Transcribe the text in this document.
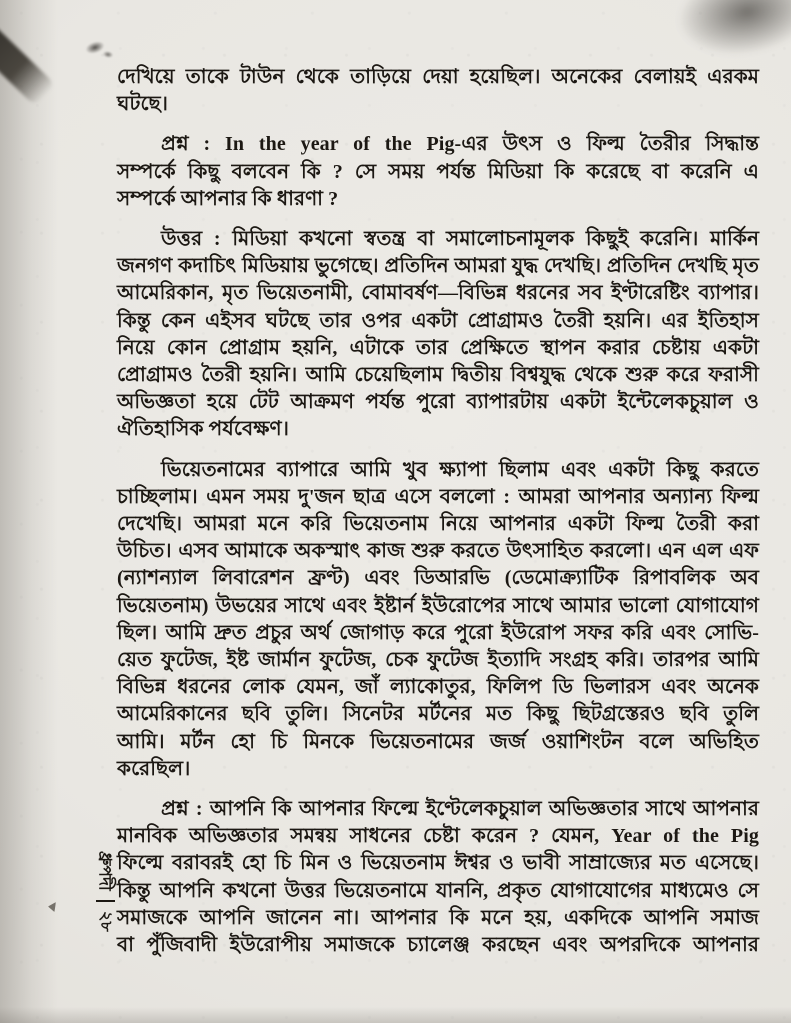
দেখিয়ে তাকে টাউন থেকে তাড়িয়ে দেয়া হয়েছিল। অনেকের বেলায়ই এরকম
ঘটছে।
প্রশ্ন : In the year of the Pig-এর উৎস ও ফিল্ম তৈরীর সিদ্ধান্ত
সম্পর্কে কিছু বলবেন কি ? সে সময় পর্যন্ত মিডিয়া কি করেছে বা করেনি এ
সম্পর্কে আপনার কি ধারণা ?
উত্তর : মিডিয়া কখনো স্বতন্ত্র বা সমালোচনামূলক কিছুই করেনি। মার্কিন
জনগণ কদাচিৎ মিডিয়ায় ভুগেছে। প্রতিদিন আমরা যুদ্ধ দেখছি। প্রতিদিন দেখছি মৃত
আমেরিকান, মৃত ভিয়েতনামী, বোমাবর্ষণ—বিভিন্ন ধরনের সব ইণ্টারেষ্টিং ব্যাপার।
কিন্তু কেন এইসব ঘটছে তার ওপর একটা প্রোগ্রামও তৈরী হয়নি। এর ইতিহাস
নিয়ে কোন প্রোগ্রাম হয়নি, এটাকে তার প্রেক্ষিতে স্থাপন করার চেষ্টায় একটা
প্রোগ্রামও তৈরী হয়নি। আমি চেয়েছিলাম দ্বিতীয় বিশ্বযুদ্ধ থেকে শুরু করে ফরাসী
অভিজ্ঞতা হয়ে টেট আক্রমণ পর্যন্ত পুরো ব্যাপারটায় একটা ইন্টেলেকচুয়াল ও
ঐতিহাসিক পর্যবেক্ষণ।
ভিয়েতনামের ব্যাপারে আমি খুব ক্ষ্যাপা ছিলাম এবং একটা কিছু করতে
চাচ্ছিলাম। এমন সময় দু'জন ছাত্র এসে বললো : আমরা আপনার অন্যান্য ফিল্ম
দেখেছি। আমরা মনে করি ভিয়েতনাম নিয়ে আপনার একটা ফিল্ম তৈরী করা
উচিত। এসব আমাকে অকস্মাৎ কাজ শুরু করতে উৎসাহিত করলো। এন এল এফ
(ন্যাশন্যাল লিবারেশন ফ্রণ্ট) এবং ডিআরভি (ডেমোক্র্যাটিক রিপাবলিক অব
ভিয়েতনাম) উভয়ের সাথে এবং ইষ্টার্ন ইউরোপের সাথে আমার ভালো যোগাযোগ
ছিল। আমি দ্রুত প্রচুর অর্থ জোগাড় করে পুরো ইউরোপ সফর করি এবং সোভি-
য়েত ফুটেজ, ইষ্ট জার্মান ফুটেজ, চেক ফুটেজ ইত্যাদি সংগ্রহ করি। তারপর আমি
বিভিন্ন ধরনের লোক যেমন, জাঁ ল্যাকোতুর, ফিলিপ ডি ভিলারস এবং অনেক
আমেরিকানের ছবি তুলি। সিনেটর মর্টনের মত কিছু ছিটগ্রস্তেরও ছবি তুলি
আমি। মর্টন হো চি মিনকে ভিয়েতনামের জর্জ ওয়াশিংটন বলে অভিহিত
করেছিল।
প্রশ্ন : আপনি কি আপনার ফিল্মে ইণ্টেলেকচুয়াল অভিজ্ঞতার সাথে আপনার
মানবিক অভিজ্ঞতার সমন্বয় সাধনের চেষ্টা করেন ? যেমন, Year of the Pig
ফিল্মে বরাবরই হো চি মিন ও ভিয়েতনাম ঈশ্বর ও ভাবী সাম্রাজ্যের মত এসেছে।
কিন্তু আপনি কখনো উত্তর ভিয়েতনামে যাননি, প্রকৃত যোগাযোগের মাধ্যমেও সে
সমাজকে আপনি জানেন না। আপনার কি মনে হয়, একদিকে আপনি সমাজ
বা পুঁজিবাদী ইউরোপীয় সমাজকে চ্যালেঞ্জ করছেন এবং অপরদিকে আপনার
ধ্রুপদী
২৮
